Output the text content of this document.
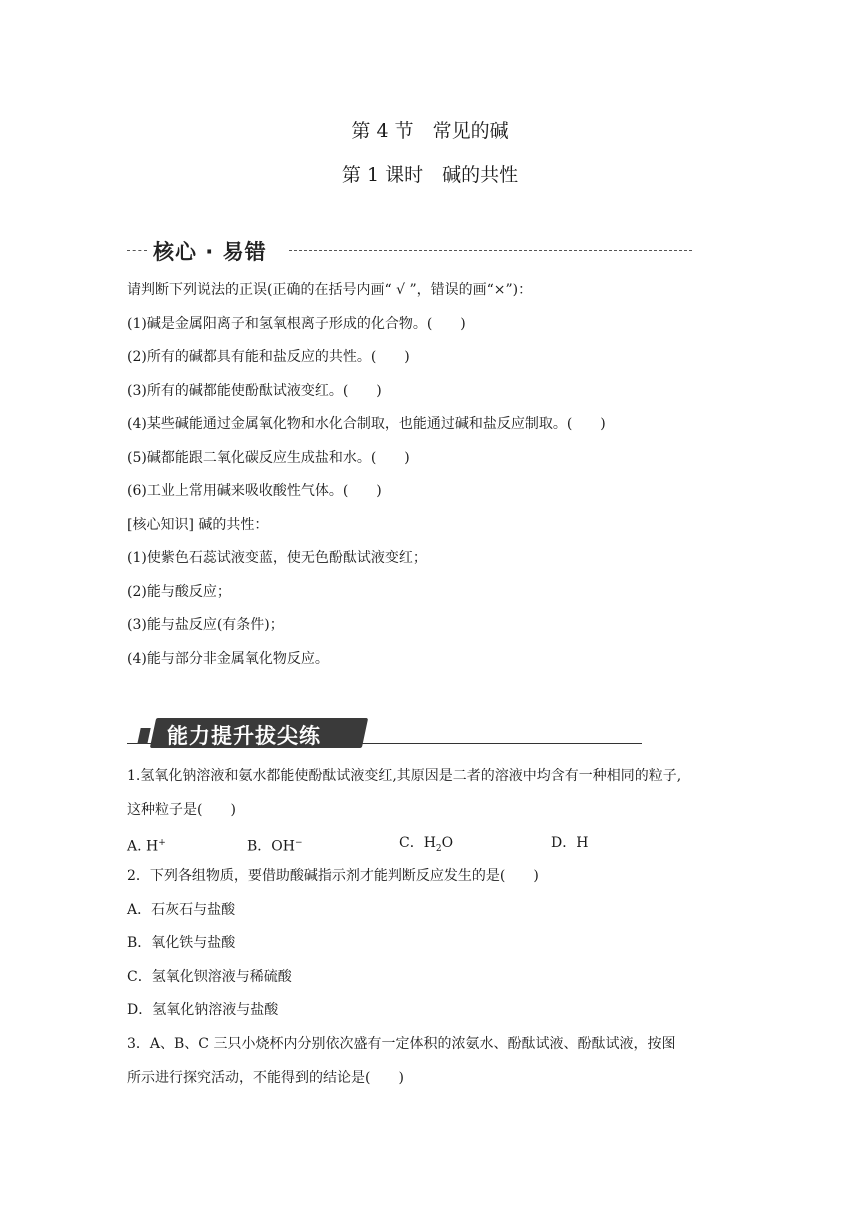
第 4 节　常见的碱
第 1 课时　碱的共性
核心 · 易错
请判断下列说法的正误(正确的在括号内画“ √ ”，错误的画“×”)：
(1)碱是金属阳离子和氢氧根离子形成的化合物。(　　)
(2)所有的碱都具有能和盐反应的共性。(　　)
(3)所有的碱都能使酚酞试液变红。(　　)
(4)某些碱能通过金属氧化物和水化合制取，也能通过碱和盐反应制取。(　　)
(5)碱都能跟二氧化碳反应生成盐和水。(　　)
(6)工业上常用碱来吸收酸性气体。(　　)
[核心知识] 碱的共性：
(1)使紫色石蕊试液变蓝，使无色酚酞试液变红；
(2)能与酸反应；
(3)能与盐反应(有条件)；
(4)能与部分非金属氧化物反应。
能力提升拔尖练
1.氢氧化钠溶液和氨水都能使酚酞试液变红,其原因是二者的溶液中均含有一种相同的粒子,
这种粒子是(　　)
A. H+	B．OH−	C．$H_2O$	D．H
2．下列各组物质，要借助酸碱指示剂才能判断反应发生的是(　　)
A．石灰石与盐酸
B．氧化铁与盐酸
C．氢氧化钡溶液与稀硫酸
D．氢氧化钠溶液与盐酸
3．A、B、C 三只小烧杯内分别依次盛有一定体积的浓氨水、酚酞试液、酚酞试液，按图
所示进行探究活动，不能得到的结论是(　　)
